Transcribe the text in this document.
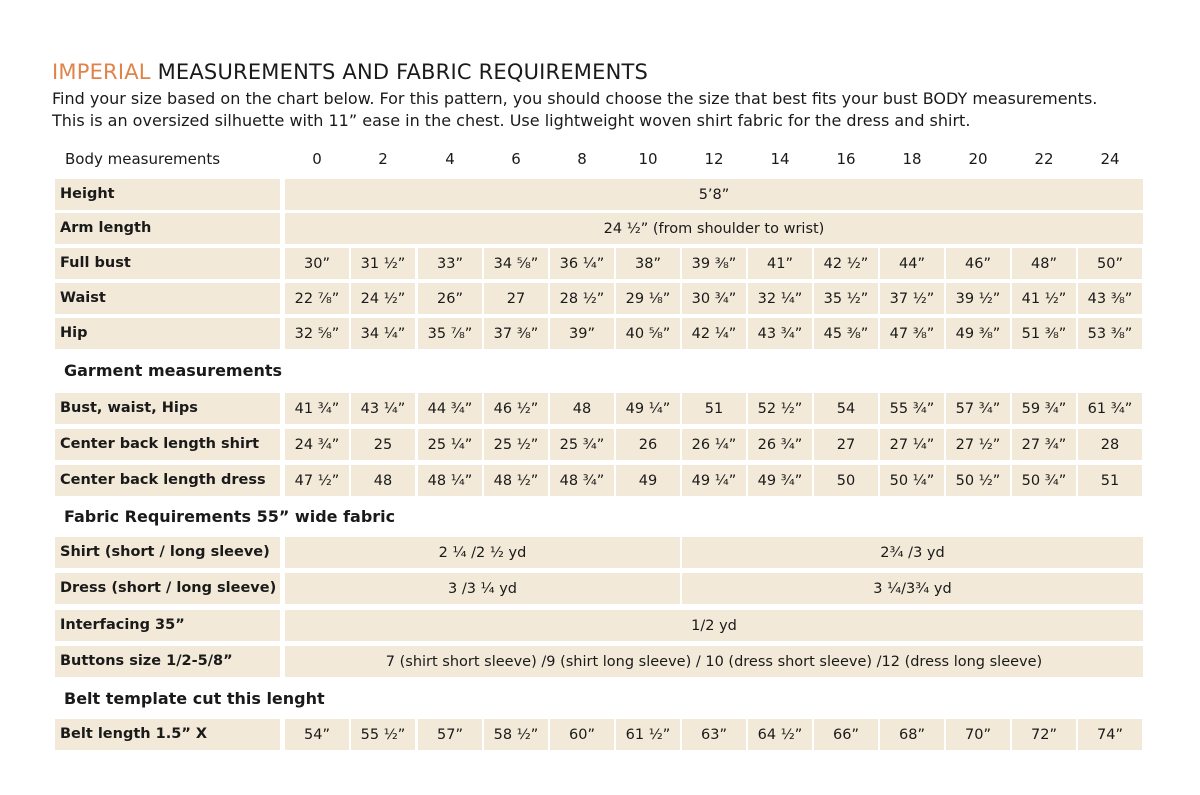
IMPERIAL MEASUREMENTS AND FABRIC REQUIREMENTS
Find your size based on the chart below. For this pattern, you should choose the size that best fits your bust BODY measurements.
This is an oversized silhuette with 11” ease in the chest. Use lightweight woven shirt fabric for the dress and shirt.
Body measurements	0	2	4	6	8	10	12	14	16	18	20	22	24
Garment measurements
Fabric Requirements 55” wide fabric
Belt template cut this lenght
Height	5’8”
Arm length	24 ½” (from shoulder to wrist)
Full bust	30”	31 ½”	33”	34 ⅝”	36 ¼”	38”	39 ⅜”	41”	42 ½”	44”	46”	48”	50”
Waist	22 ⅞”	24 ½”	26”	27	28 ½”	29 ⅛”	30 ¾”	32 ¼”	35 ½”	37 ½”	39 ½”	41 ½”	43 ⅜”
Hip	32 ⅝”	34 ¼”	35 ⅞”	37 ⅜”	39”	40 ⅝”	42 ¼”	43 ¾”	45 ⅜”	47 ⅜”	49 ⅜”	51 ⅜”	53 ⅜”
Bust, waist, Hips	41 ¾”	43 ¼”	44 ¾”	46 ½”	48	49 ¼”	51	52 ½”	54	55 ¾”	57 ¾”	59 ¾”	61 ¾”
Center back length shirt	24 ¾”	25	25 ¼”	25 ½”	25 ¾”	26	26 ¼”	26 ¾”	27	27 ¼”	27 ½”	27 ¾”	28
Center back length dress	47 ½”	48	48 ¼”	48 ½”	48 ¾”	49	49 ¼”	49 ¾”	50	50 ¼”	50 ½”	50 ¾”	51
Shirt (short / long sleeve)	2 ¼ /2 ½ yd	2¾ /3 yd
Dress (short / long sleeve)	3 /3 ¼ yd	3 ¼/3¾ yd
Interfacing 35”	1/2 yd
Buttons size 1/2-5/8”	7 (shirt short sleeve) /9 (shirt long sleeve) / 10 (dress short sleeve) /12 (dress long sleeve)
Belt length 1.5” X	54”	55 ½”	57”	58 ½”	60”	61 ½”	63”	64 ½”	66”	68”	70”	72”	74”
